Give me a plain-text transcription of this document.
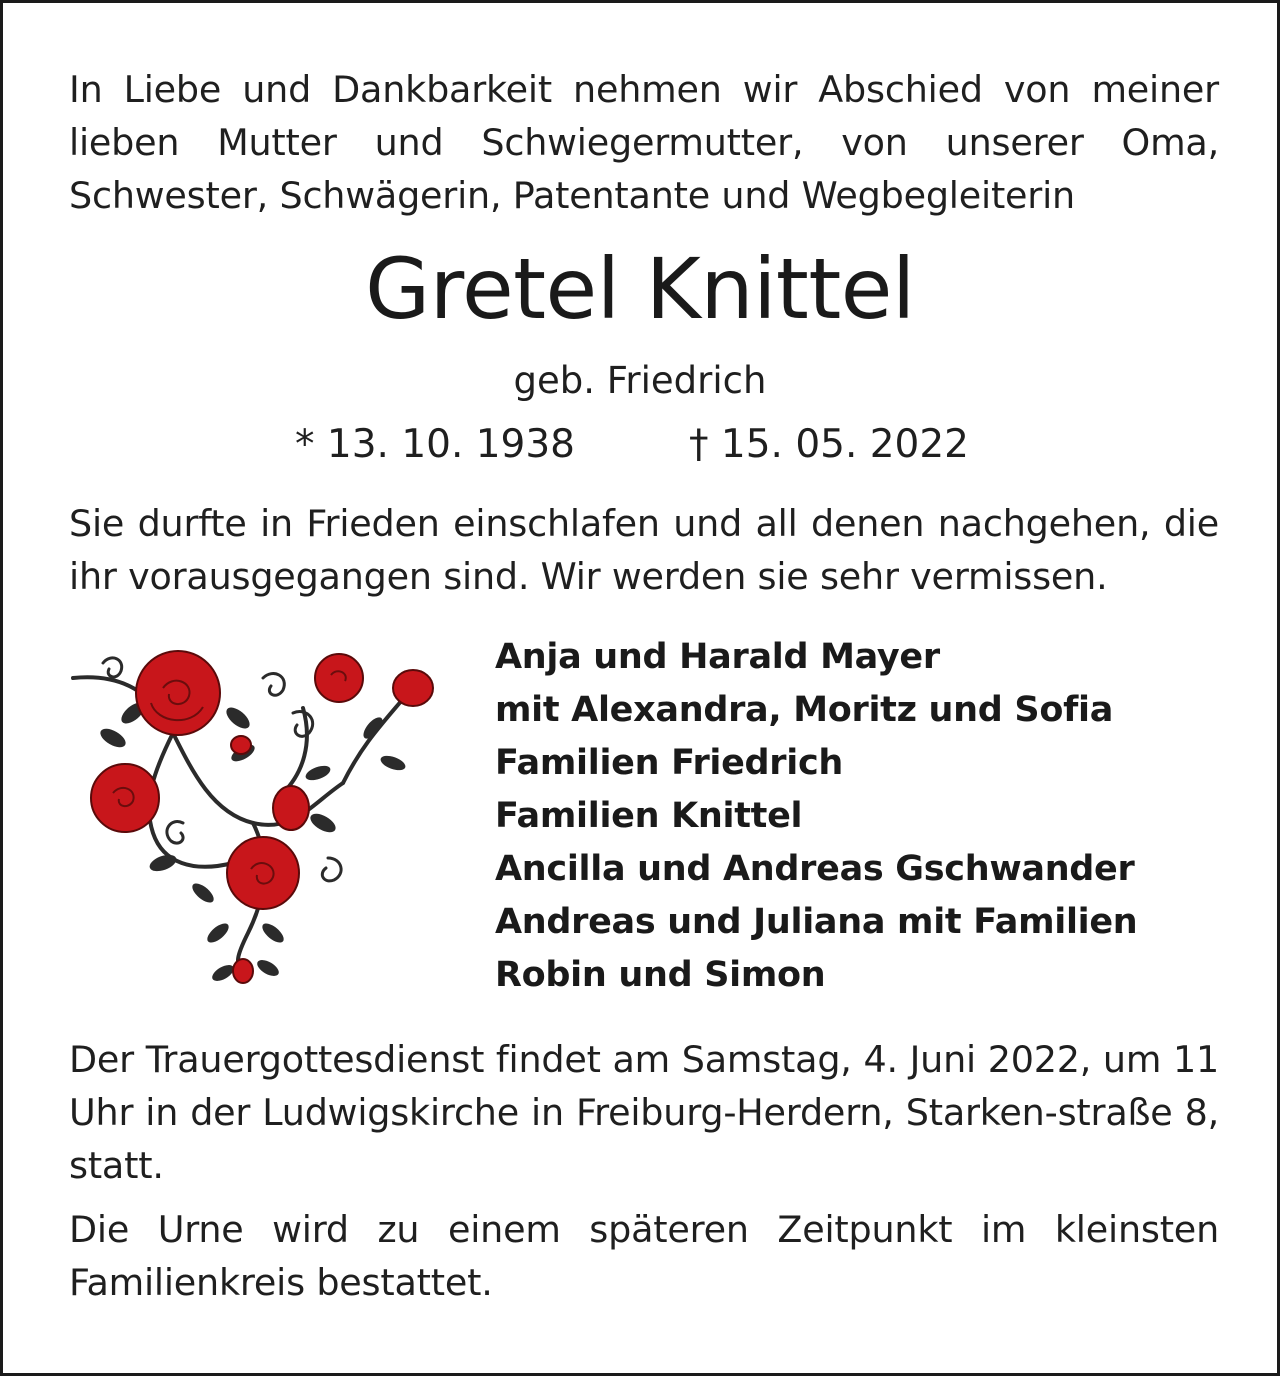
In Liebe und Dankbarkeit nehmen wir Abschied von meiner lieben Mutter und Schwiegermutter, von unserer Oma, Schwester, Schwägerin, Patentante und Wegbegleiterin
Gretel Knittel
geb. Friedrich
* 13. 10. 1938	† 15. 05. 2022
Sie durfte in Frieden einschlafen und all denen nachgehen, die ihr vorausgegangen sind. Wir werden sie sehr vermissen.
Anja und Harald Mayer
mit Alexandra, Moritz und Sofia
Familien Friedrich
Familien Knittel
Ancilla und Andreas Gschwander
Andreas und Juliana mit Familien
Robin und Simon
Der Trauergottesdienst findet am Samstag, 4. Juni 2022, um 11 Uhr in der Ludwigskirche in Freiburg-Herdern, Starken-straße 8, statt.
Die Urne wird zu einem späteren Zeitpunkt im kleinsten Familienkreis bestattet.
